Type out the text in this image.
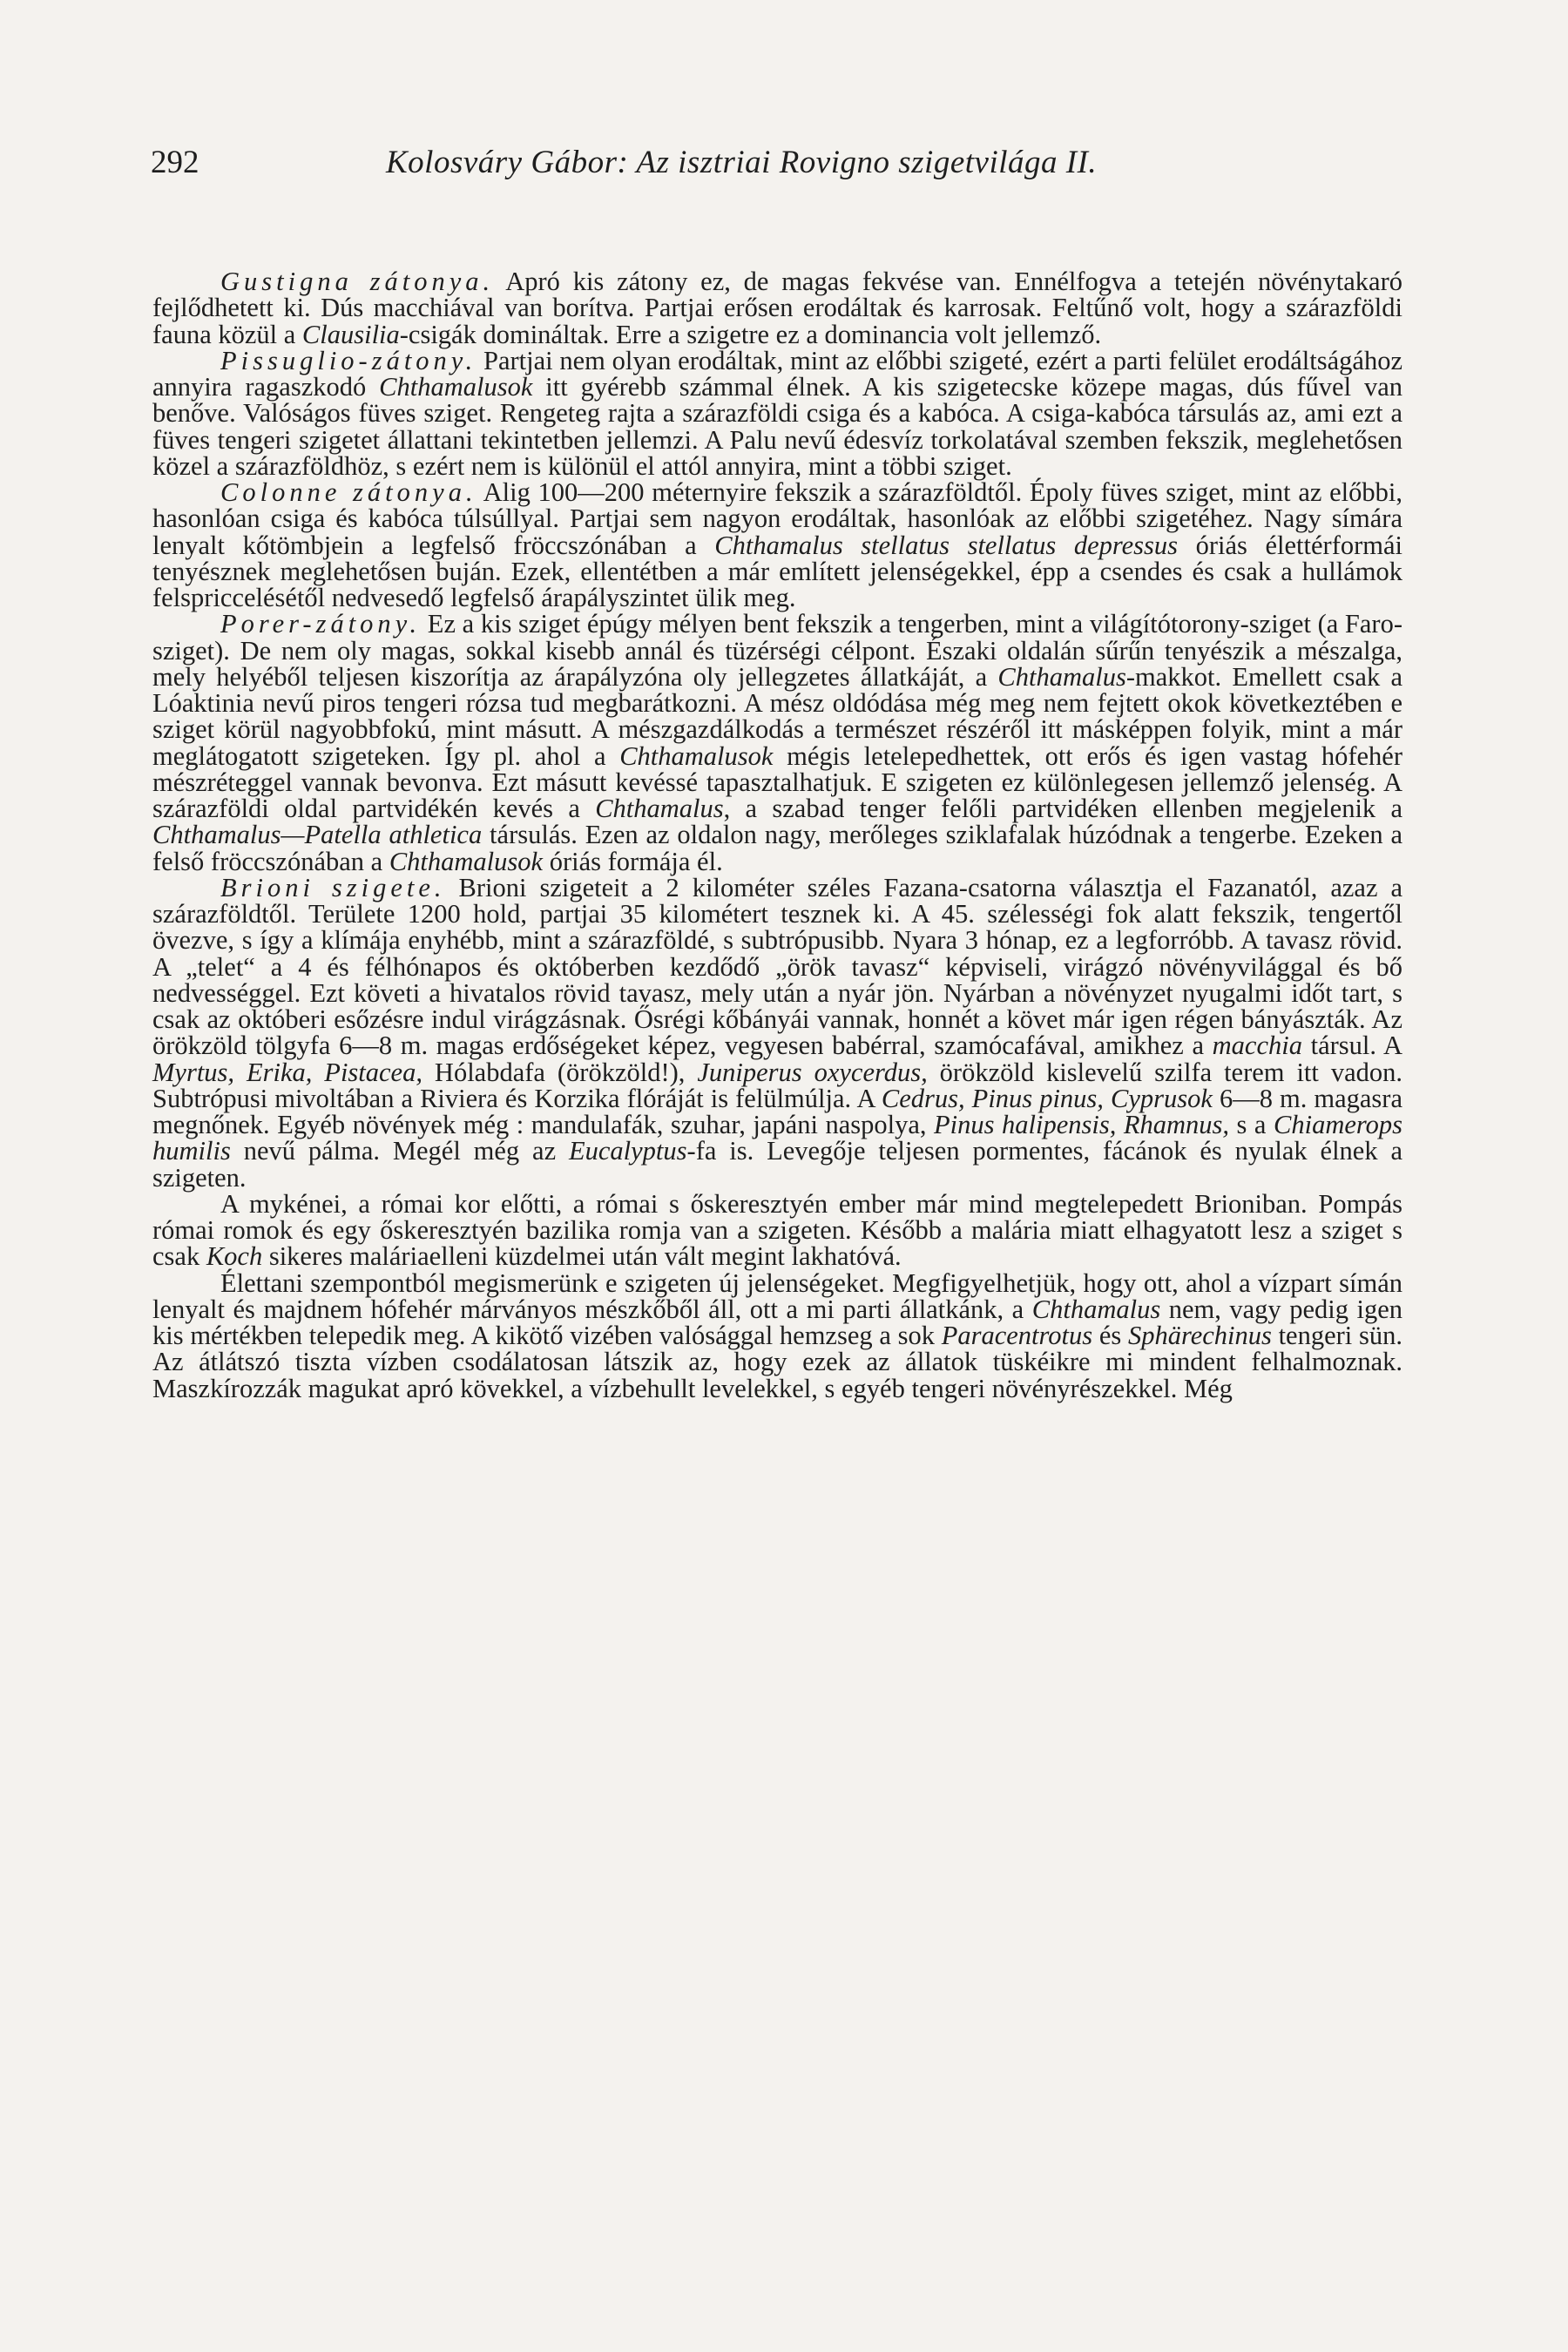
292	Kolosváry Gábor: Az isztriai Rovigno szigetvilága II.

Gustigna zátonya. Apró kis zátony ez, de magas fekvése van. Ennélfogva a tetején növénytakaró fejlődhetett ki. Dús macchiával van borítva. Partjai erősen erodáltak és karrosak. Feltűnő volt, hogy a szárazföldi fauna közül a Clausilia-csigák domináltak. Erre a szigetre ez a dominancia volt jellemző.

Pissuglio-zátony. Partjai nem olyan erodáltak, mint az előbbi szigeté, ezért a parti felület erodáltságához annyira ragaszkodó Chthamalusok itt gyérebb számmal élnek. A kis szigetecske közepe magas, dús fűvel van benőve. Valóságos füves sziget. Rengeteg rajta a szárazföldi csiga és a kabóca. A csiga-kabóca társulás az, ami ezt a füves tengeri szigetet állattani tekintetben jellemzi. A Palu nevű édesvíz torkolatával szemben fekszik, meglehetősen közel a szárazföldhöz, s ezért nem is különül el attól annyira, mint a többi sziget.

Colonne zátonya. Alig 100—200 méternyire fekszik a szárazföldtől. Époly füves sziget, mint az előbbi, hasonlóan csiga és kabóca túlsúllyal. Partjai sem nagyon erodáltak, hasonlóak az előbbi szigetéhez. Nagy símára lenyalt kőtömbjein a legfelső fröccszónában a Chthamalus stellatus stellatus depressus óriás élettérformái tenyésznek meglehetősen buján. Ezek, ellentétben a már említett jelenségekkel, épp a csendes és csak a hullámok felspriccelésétől nedvesedő legfelső árapályszintet ülik meg.

Porer-zátony. Ez a kis sziget épúgy mélyen bent fekszik a tengerben, mint a világítótorony-sziget (a Faro-sziget). De nem oly magas, sokkal kisebb annál és tüzérségi célpont. Északi oldalán sűrűn tenyészik a mészalga, mely helyéből teljesen kiszorítja az árapályzóna oly jellegzetes állatkáját, a Chthamalus-makkot. Emellett csak a Lóaktinia nevű piros tengeri rózsa tud megbarátkozni. A mész oldódása még meg nem fejtett okok következtében e sziget körül nagyobbfokú, mint másutt. A mészgazdálkodás a természet részéről itt másképpen folyik, mint a már meglátogatott szigeteken. Így pl. ahol a Chthamalusok mégis letelepedhettek, ott erős és igen vastag hófehér mészréteggel vannak bevonva. Ezt másutt kevéssé tapasztalhatjuk. E szigeten ez különlegesen jellemző jelenség. A szárazföldi oldal partvidékén kevés a Chthamalus, a szabad tenger felőli partvidéken ellenben megjelenik a Chthamalus—Patella athletica társulás. Ezen az oldalon nagy, merőleges sziklafalak húzódnak a tengerbe. Ezeken a felső fröccszónában a Chthamalusok óriás formája él.

Brioni szigete. Brioni szigeteit a 2 kilométer széles Fazana-csatorna választja el Fazanatól, azaz a szárazföldtől. Területe 1200 hold, partjai 35 kilométert tesznek ki. A 45. szélességi fok alatt fekszik, tengertől övezve, s így a klímája enyhébb, mint a szárazföldé, s subtrópusibb. Nyara 3 hónap, ez a legforróbb. A tavasz rövid. A „telet“ a 4 és félhónapos és októberben kezdődő „örök tavasz“ képviseli, virágzó növényvilággal és bő nedvességgel. Ezt követi a hivatalos rövid tavasz, mely után a nyár jön. Nyárban a növényzet nyugalmi időt tart, s csak az októberi esőzésre indul virágzásnak. Ősrégi kőbányái vannak, honnét a követ már igen régen bányászták. Az örökzöld tölgyfa 6—8 m. magas erdőségeket képez, vegyesen babérral, szamócafával, amikhez a macchia társul. A Myrtus, Erika, Pistacea, Hólabdafa (örökzöld!), Juniperus oxycerdus, örökzöld kislevelű szilfa terem itt vadon. Subtrópusi mivoltában a Riviera és Korzika flóráját is felülmúlja. A Cedrus, Pinus pinus, Cyprusok 6—8 m. magasra megnőnek. Egyéb növények még : mandulafák, szuhar, japáni naspolya, Pinus halipensis, Rhamnus, s a Chiamerops humilis nevű pálma. Megél még az Eucalyptus-fa is. Levegője teljesen pormentes, fácánok és nyulak élnek a szigeten.

A mykénei, a római kor előtti, a római s őskeresztyén ember már mind megtelepedett Brioniban. Pompás római romok és egy őskeresztyén bazilika romja van a szigeten. Később a malária miatt elhagyatott lesz a sziget s csak Koch sikeres maláriaelleni küzdelmei után vált megint lakhatóvá.

Élettani szempontból megismerünk e szigeten új jelenségeket. Megfigyelhetjük, hogy ott, ahol a vízpart símán lenyalt és majdnem hófehér márványos mészkőből áll, ott a mi parti állatkánk, a Chthamalus nem, vagy pedig igen kis mértékben telepedik meg. A kikötő vizében valósággal hemzseg a sok Paracentrotus és Sphärechinus tengeri sün. Az átlátszó tiszta vízben csodálatosan látszik az, hogy ezek az állatok tüskéikre mi mindent felhalmoznak. Maszkírozzák magukat apró kövekkel, a vízbehullt levelekkel, s egyéb tengeri növényrészekkel. Még
